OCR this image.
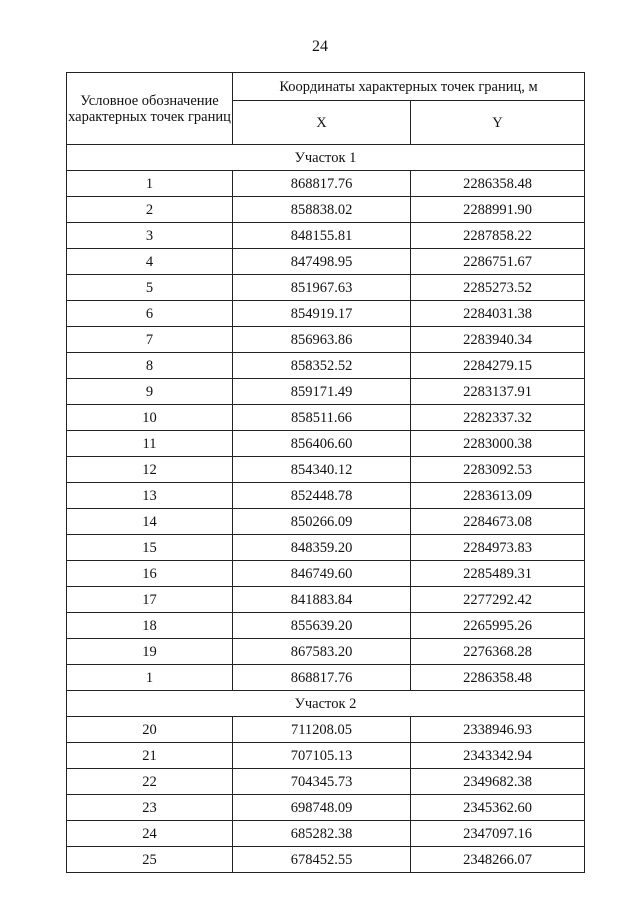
24
Условное обозначение характерных точек границ	Координаты характерных точек границ, м	
	X	Y
Участок 1		
1	868817.76	2286358.48
2	858838.02	2288991.90
3	848155.81	2287858.22
4	847498.95	2286751.67
5	851967.63	2285273.52
6	854919.17	2284031.38
7	856963.86	2283940.34
8	858352.52	2284279.15
9	859171.49	2283137.91
10	858511.66	2282337.32
11	856406.60	2283000.38
12	854340.12	2283092.53
13	852448.78	2283613.09
14	850266.09	2284673.08
15	848359.20	2284973.83
16	846749.60	2285489.31
17	841883.84	2277292.42
18	855639.20	2265995.26
19	867583.20	2276368.28
1	868817.76	2286358.48
Участок 2		
20	711208.05	2338946.93
21	707105.13	2343342.94
22	704345.73	2349682.38
23	698748.09	2345362.60
24	685282.38	2347097.16
25	678452.55	2348266.07
